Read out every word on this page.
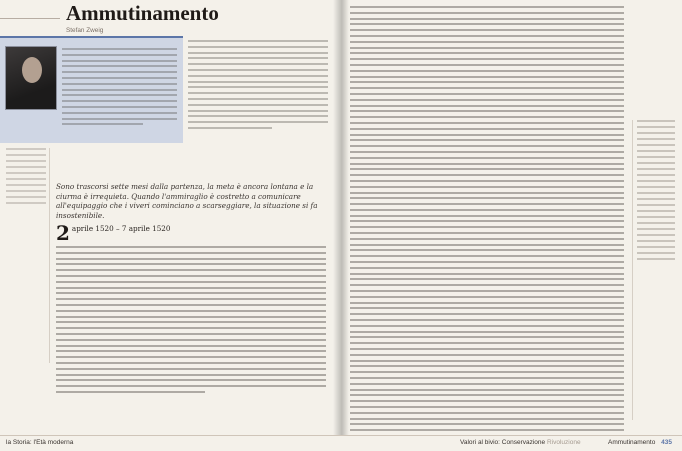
Ammutinamento
Stefan Zweig
Sono trascorsi sette mesi dalla partenza, la meta è ancora lontana e la ciurma è irrequieta. Quando l'ammiraglio è costretto a comunicare all'equipaggio che i viveri cominciano a scarseggiare, la situazione si fa insostenibile.
2 aprile 1520 – 7 aprile 1520
la Storia: l'Età moderna	Valori al bivio: Conservazione Rivoluzione	Ammutinamento 435
